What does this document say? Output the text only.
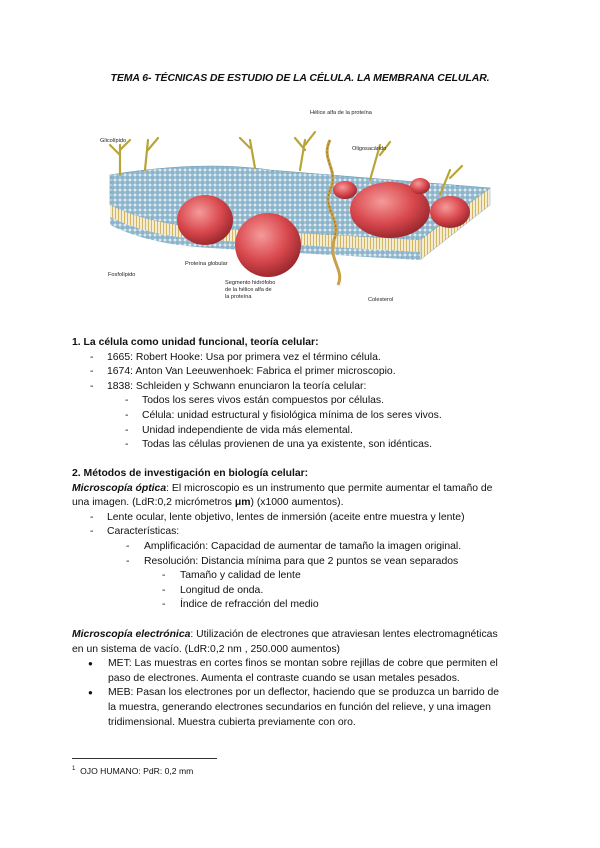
TEMA 6- TÉCNICAS DE ESTUDIO DE LA CÉLULA. LA MEMBRANA CELULAR.
Glicolípido
Hélice alfa de la proteína
Oligosacárido
Fosfolípido
Proteína globular
Segmento hidrófobo
de la hélice alfa de
la proteína	Colesterol
1. La célula como unidad funcional, teoría celular:
- 1665: Robert Hooke: Usa por primera vez el término célula.
- 1674: Anton Van Leeuwenhoek: Fabrica el primer microscopio.
- 1838: Schleiden y Schwann enunciaron la teoría celular:
- Todos los seres vivos están compuestos por células.
- Célula: unidad estructural y fisiológica mínima de los seres vivos.
- Unidad independiente de vida más elemental.
- Todas las células provienen de una ya existente, son idénticas.
2. Métodos de investigación en biología celular:
Microscopía óptica: El microscopio es un instrumento que permite aumentar el tamaño de
una imagen. (LdR:0,2 micrómetros μm) (x1000 aumentos).
- Lente ocular, lente objetivo, lentes de inmersión (aceite entre muestra y lente)
- Características:
- Amplificación: Capacidad de aumentar de tamaño la imagen original.
- Resolución: Distancia mínima para que 2 puntos se vean separados
- Tamaño y calidad de lente
- Longitud de onda.
- Índice de refracción del medio
Microscopía electrónica: Utilización de electrones que atraviesan lentes electromagnéticas
en un sistema de vacío. (LdR:0,2 nm , 250.000 aumentos)
● MET: Las muestras en cortes finos se montan sobre rejillas de cobre que permiten el
paso de electrones. Aumenta el contraste cuando se usan metales pesados.
● MEB: Pasan los electrones por un deflector, haciendo que se produzca un barrido de
la muestra, generando electrones secundarios en función del relieve, y una imagen
tridimensional. Muestra cubierta previamente con oro.
$^1$ OJO HUMANO: PdR: 0,2 mm
